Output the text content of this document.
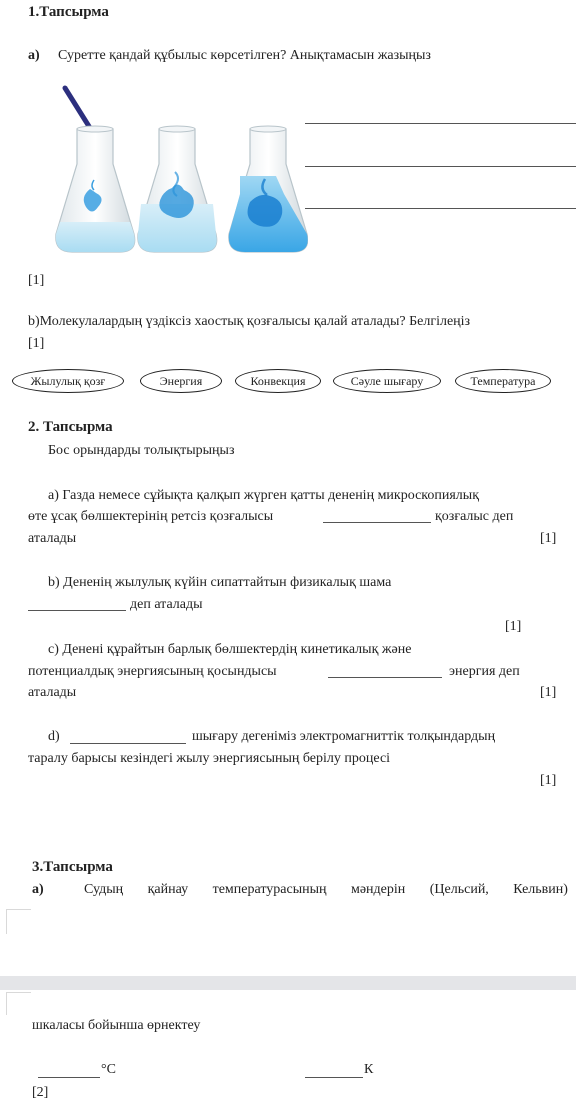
1.Тапсырма
a) Суретте қандай құбылыс көрсетілген? Анықтамасын жазыңыз
[1]
b)Молекулалардың үздіксіз хаостық қозғалысы қалай аталады? Белгілеңіз
[1]
Жылулық қозғ	Энергия	Конвекция	Сәуле шығару	Температура
2. Тапсырма
Бос орындарды толықтырыңыз
a) Газда немесе сұйықта қалқып жүрген қатты дененің микроскопиялық
өте ұсақ бөлшектерінің ретсіз қозғалысы	қозғалыс деп
аталады	[1]
b) Дененің жылулық күйін сипаттайтын физикалық шама
деп аталады
[1]
c) Денені құрайтын барлық бөлшектердің кинетикалық және
потенциалдық энергиясының қосындысы	энергия деп
аталады	[1]
d)	шығару дегеніміз электромагниттік толқындардың
таралу барысы кезіндегі жылу энергиясының берілу процесі
[1]
3.Тапсырма
a)	Судың қайнау температурасының мәндерін (Цельсий, Кельвин)
шкаласы бойынша өрнектеу
°С	К
[2]
